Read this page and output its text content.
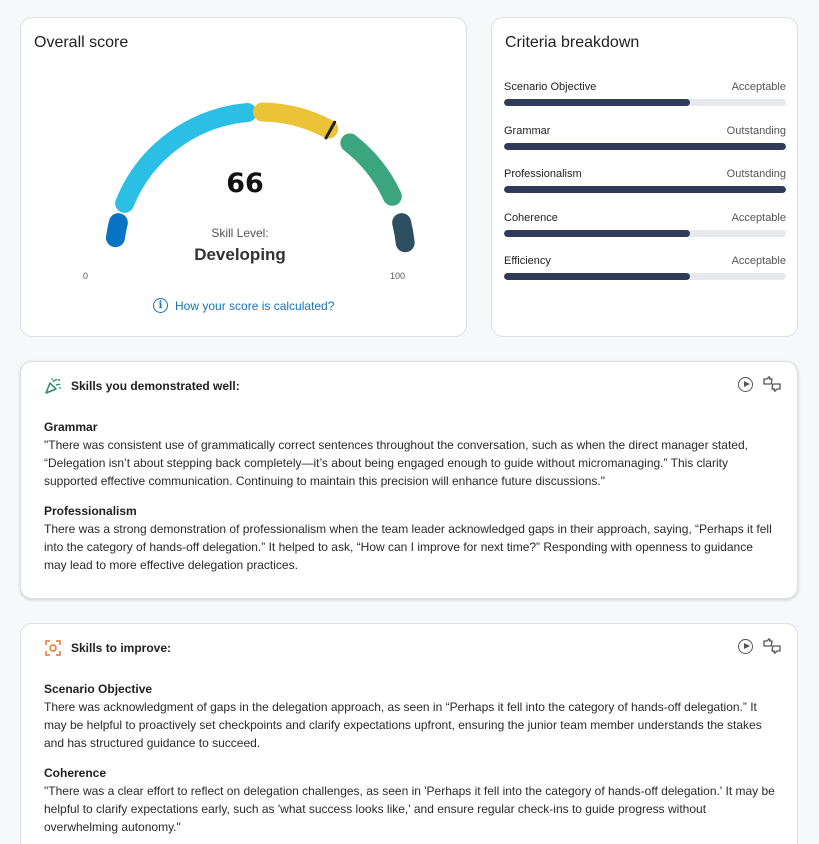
Overall score
66
Skill Level:
Developing
0	100
i	How your score is calculated?
Criteria breakdown
Scenario Objective	Acceptable
Grammar	Outstanding
Professionalism	Outstanding
Coherence	Acceptable
Efficiency	Acceptable
Skills you demonstrated well:
Grammar
"There was consistent use of grammatically correct sentences throughout the conversation, such as when the direct manager stated,
“Delegation isn’t about stepping back completely—it’s about being engaged enough to guide without micromanaging.” This clarity
supported effective communication. Continuing to maintain this precision will enhance future discussions."
Professionalism
There was a strong demonstration of professionalism when the team leader acknowledged gaps in their approach, saying, “Perhaps it fell
into the category of hands-off delegation.” It helped to ask, “How can I improve for next time?” Responding with openness to guidance
may lead to more effective delegation practices.
Skills to improve:
Scenario Objective
There was acknowledgment of gaps in the delegation approach, as seen in “Perhaps it fell into the category of hands-off delegation.” It
may be helpful to proactively set checkpoints and clarify expectations upfront, ensuring the junior team member understands the stakes
and has structured guidance to succeed.
Coherence
"There was a clear effort to reflect on delegation challenges, as seen in 'Perhaps it fell into the category of hands-off delegation.' It may be
helpful to clarify expectations early, such as 'what success looks like,' and ensure regular check-ins to guide progress without
overwhelming autonomy."
